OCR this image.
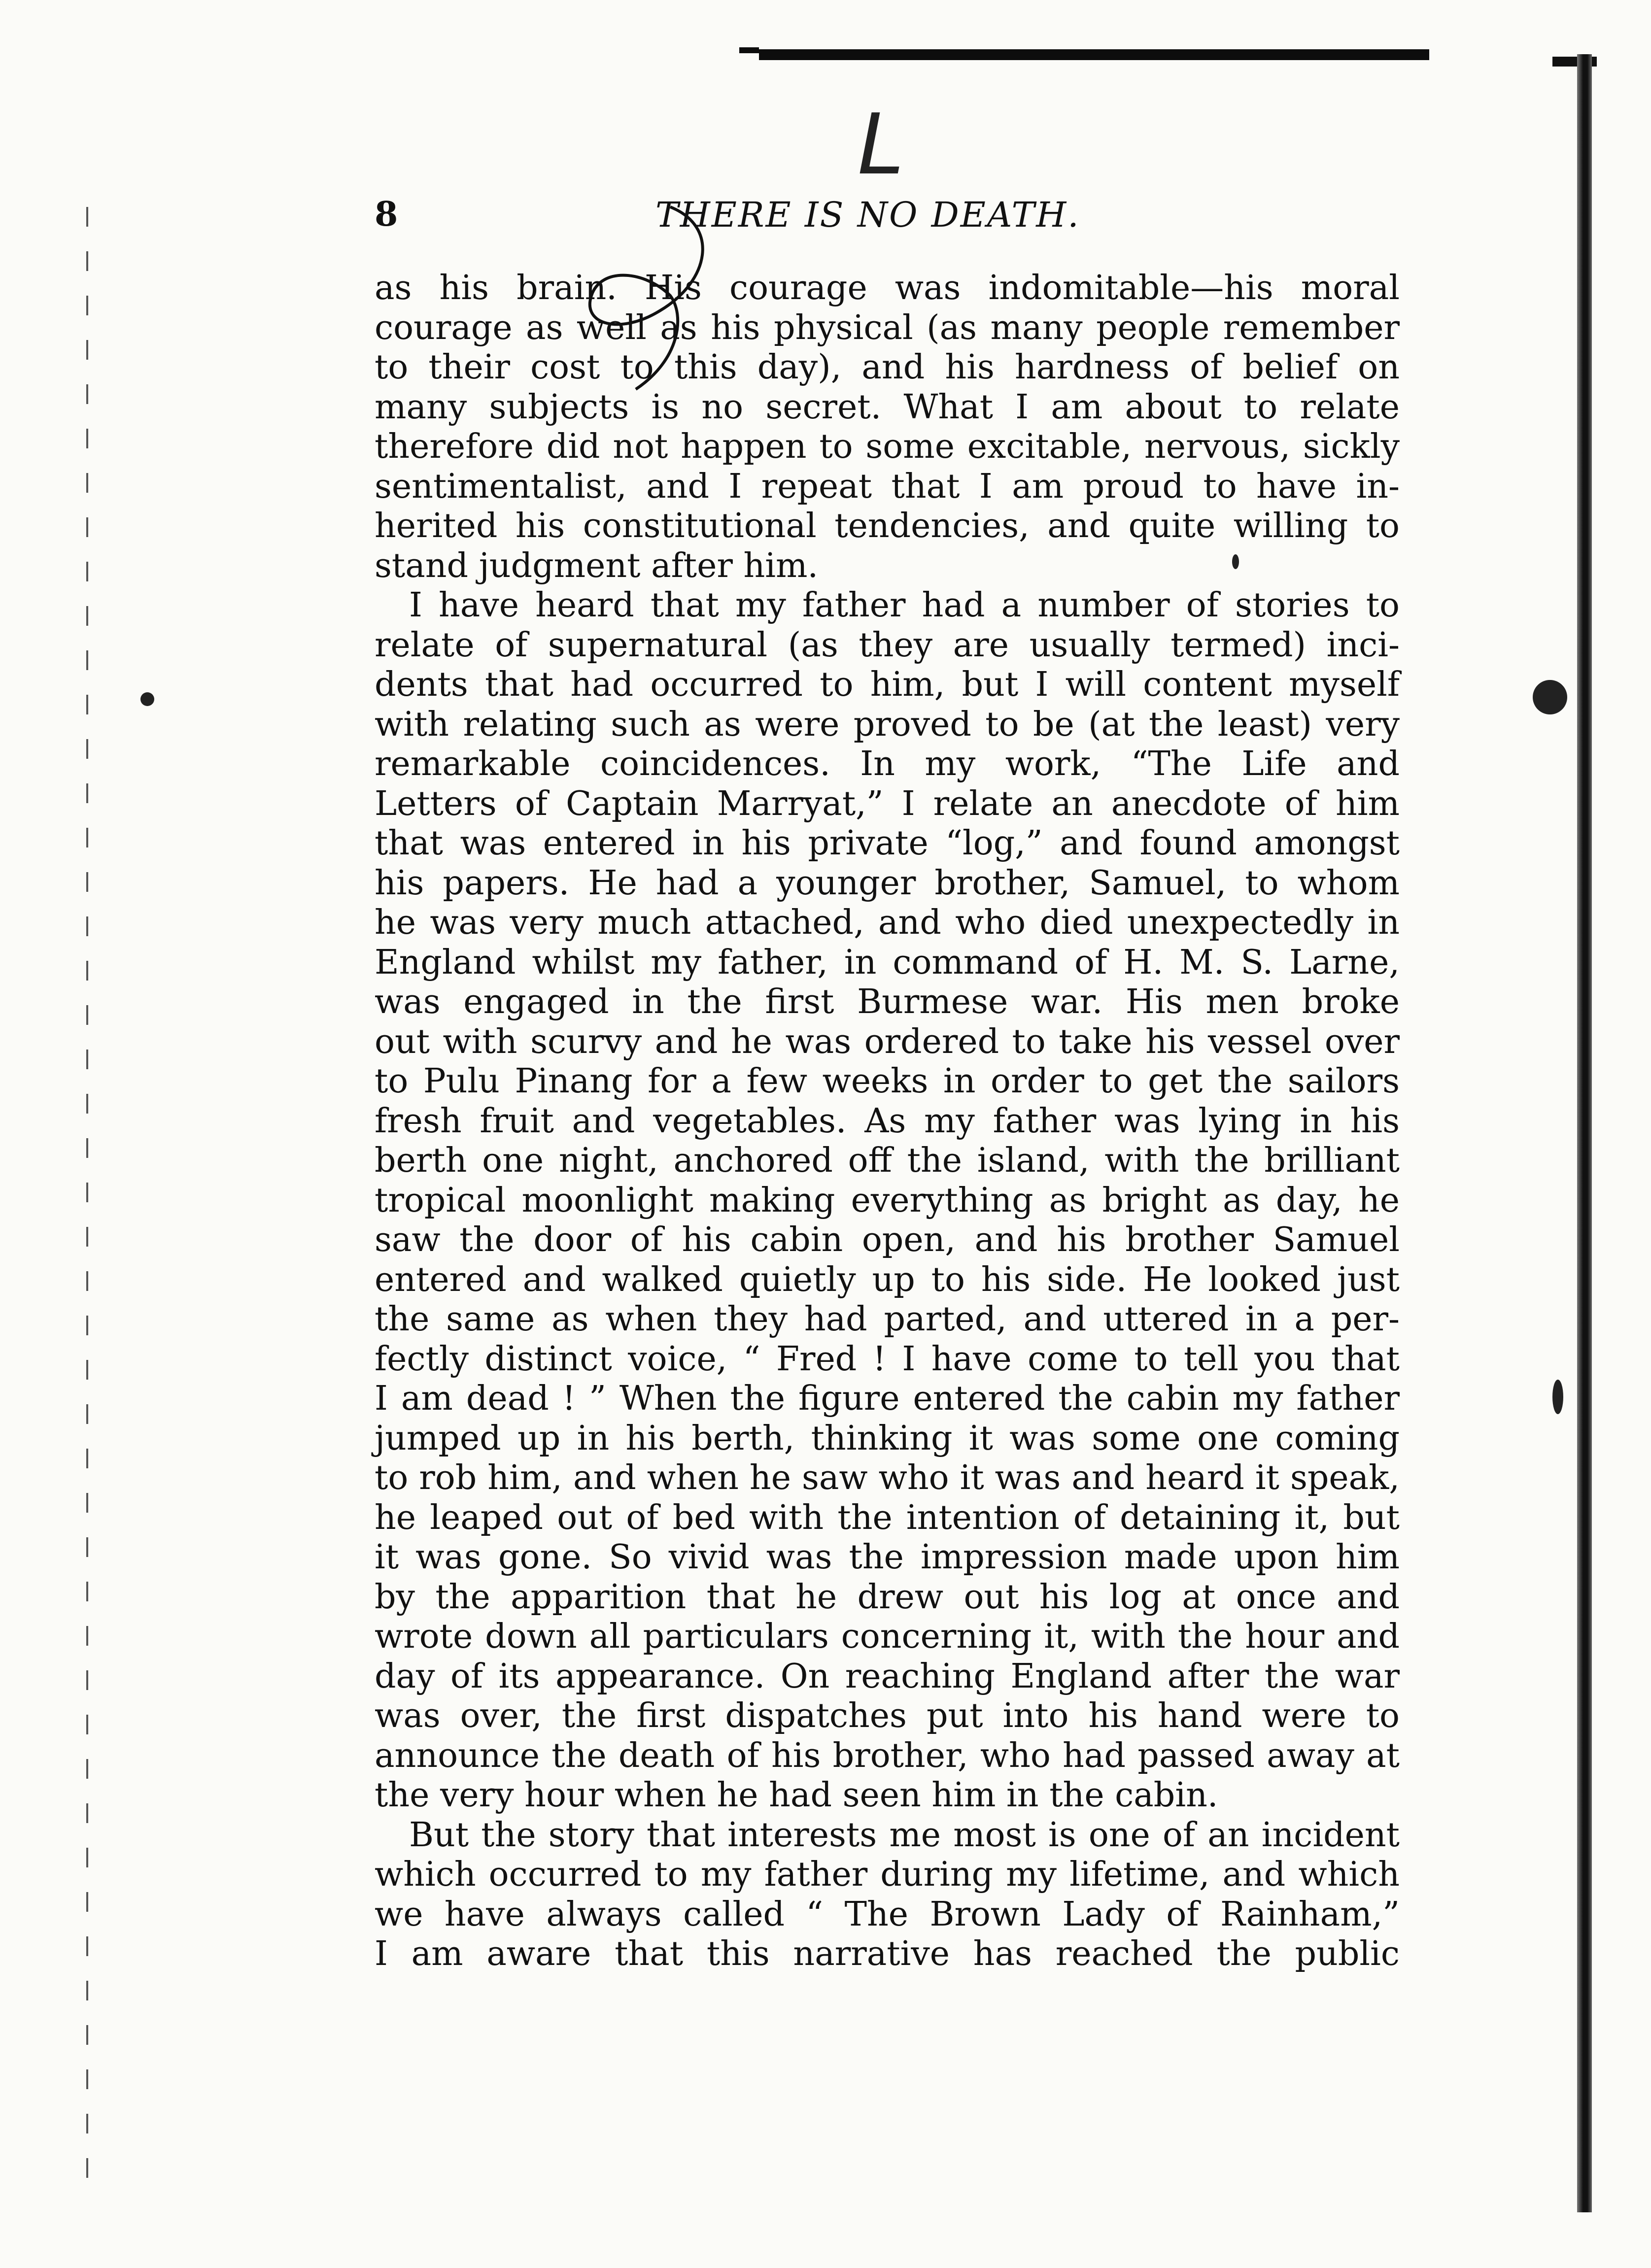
L
8	THERE IS NO DEATH.
as his brain. His courage was indomitable—his moral
courage as well as his physical (as many people remember
to their cost to this day), and his hardness of belief on
many subjects is no secret. What I am about to relate
therefore did not happen to some excitable, nervous, sickly
sentimentalist, and I repeat that I am proud to have in-
herited his constitutional tendencies, and quite willing to
stand judgment after him.
I have heard that my father had a number of stories to
relate of supernatural (as they are usually termed) inci-
dents that had occurred to him, but I will content myself
with relating such as were proved to be (at the least) very
remarkable coincidences. In my work, “The Life and
Letters of Captain Marryat,” I relate an anecdote of him
that was entered in his private “log,” and found amongst
his papers. He had a younger brother, Samuel, to whom
he was very much attached, and who died unexpectedly in
England whilst my father, in command of H. M. S. Larne,
was engaged in the first Burmese war. His men broke
out with scurvy and he was ordered to take his vessel over
to Pulu Pinang for a few weeks in order to get the sailors
fresh fruit and vegetables. As my father was lying in his
berth one night, anchored off the island, with the brilliant
tropical moonlight making everything as bright as day, he
saw the door of his cabin open, and his brother Samuel
entered and walked quietly up to his side. He looked just
the same as when they had parted, and uttered in a per-
fectly distinct voice, “ Fred ! I have come to tell you that
I am dead ! ” When the figure entered the cabin my father
jumped up in his berth, thinking it was some one coming
to rob him, and when he saw who it was and heard it speak,
he leaped out of bed with the intention of detaining it, but
it was gone. So vivid was the impression made upon him
by the apparition that he drew out his log at once and
wrote down all particulars concerning it, with the hour and
day of its appearance. On reaching England after the war
was over, the first dispatches put into his hand were to
announce the death of his brother, who had passed away at
the very hour when he had seen him in the cabin.
But the story that interests me most is one of an incident
which occurred to my father during my lifetime, and which
we have always called “ The Brown Lady of Rainham,”
I am aware that this narrative has reached the public
